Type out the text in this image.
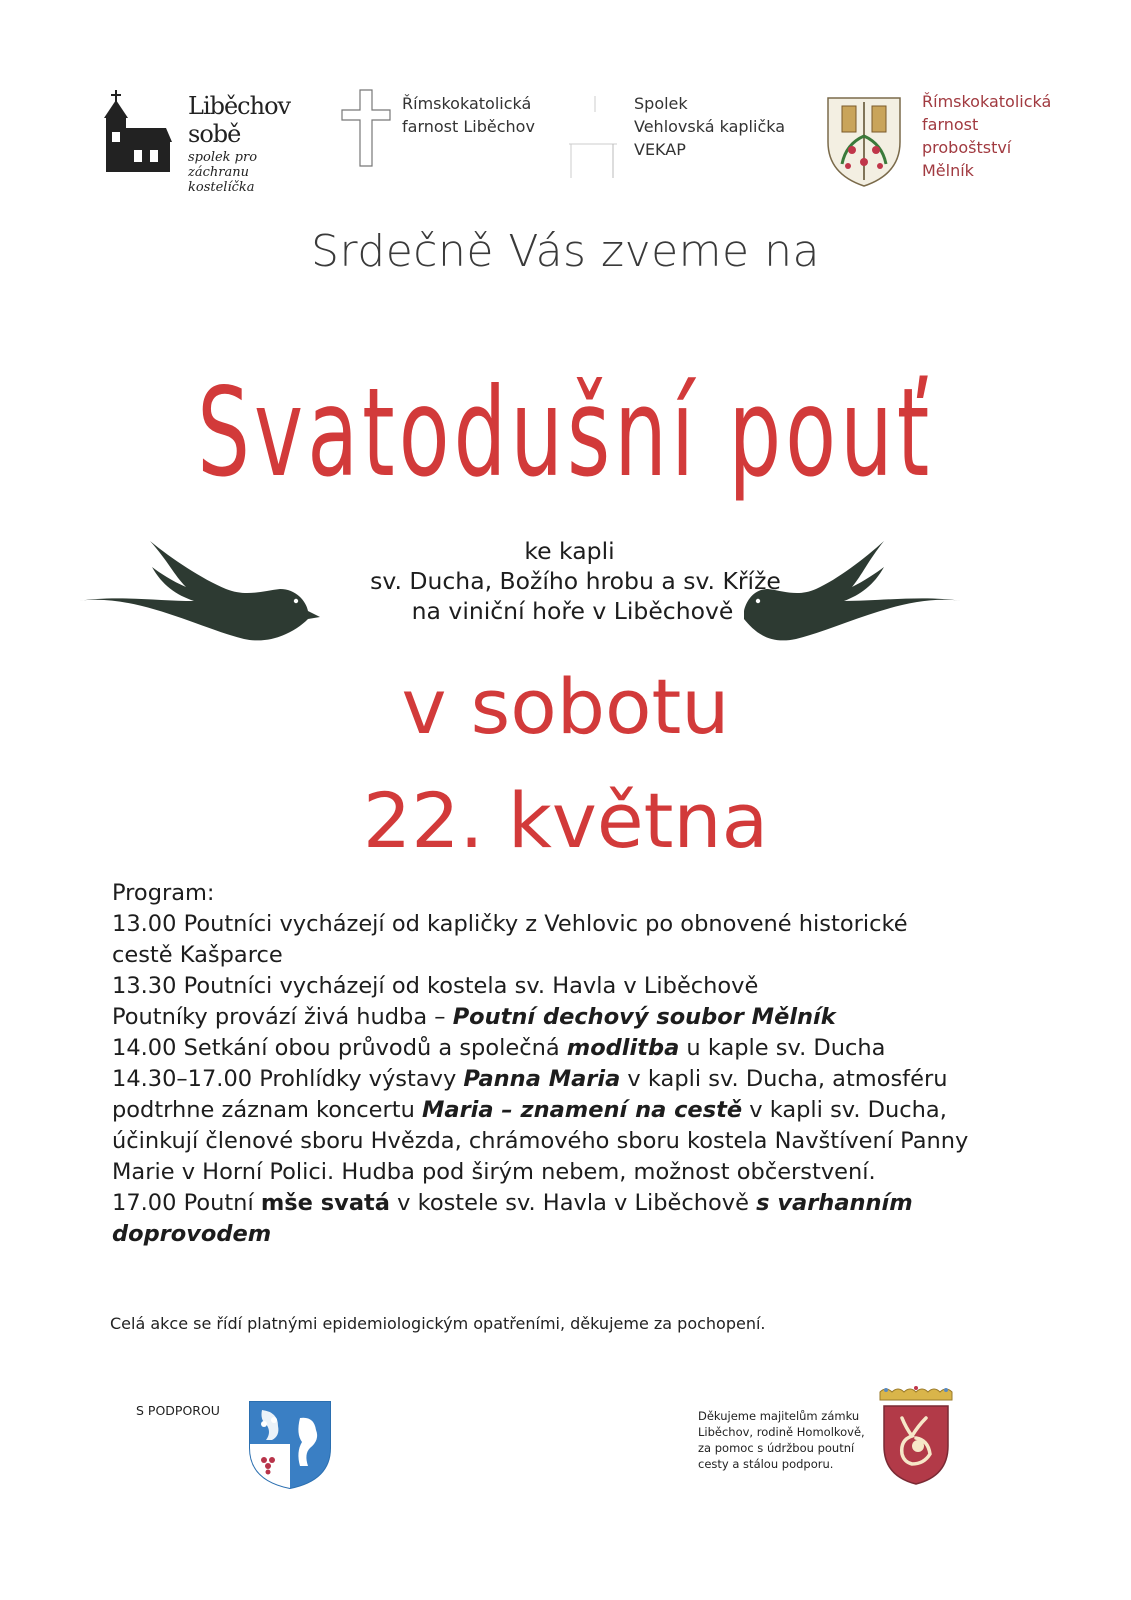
Liběchov sobě
spolek pro záchranu
kostelíčka
Římskokatolická
farnost Liběchov
Spolek
Vehlovská kaplička
VEKAP
Římskokatolická
farnost
proboštství
Mělník
Srdečně Vás zveme na
Svatodušní pouť
ke kapli
sv. Ducha, Božího hrobu a sv. Kříže
na viniční hoře v Liběchově
v sobotu
22. května
Program:
13.00 Poutníci vycházejí od kapličky z Vehlovic po obnovené historické
cestě Kašparce
13.30 Poutníci vycházejí od kostela sv. Havla v Liběchově
Poutníky provází živá hudba – Poutní dechový soubor Mělník
14.00 Setkání obou průvodů a společná modlitba u kaple sv. Ducha
14.30–17.00 Prohlídky výstavy Panna Maria v kapli sv. Ducha, atmosféru
podtrhne záznam koncertu Maria – znamení na cestě v kapli sv. Ducha,
účinkují členové sboru Hvězda, chrámového sboru kostela Navštívení Panny
Marie v Horní Polici. Hudba pod širým nebem, možnost občerstvení.
17.00 Poutní mše svatá v kostele sv. Havla v Liběchově s varhanním
doprovodem
Celá akce se řídí platnými epidemiologickým opatřeními, děkujeme za pochopení.
S PODPOROU	Děkujeme majitelům zámku
Liběchov, rodině Homolkově,
za pomoc s údržbou poutní
cesty a stálou podporu.
